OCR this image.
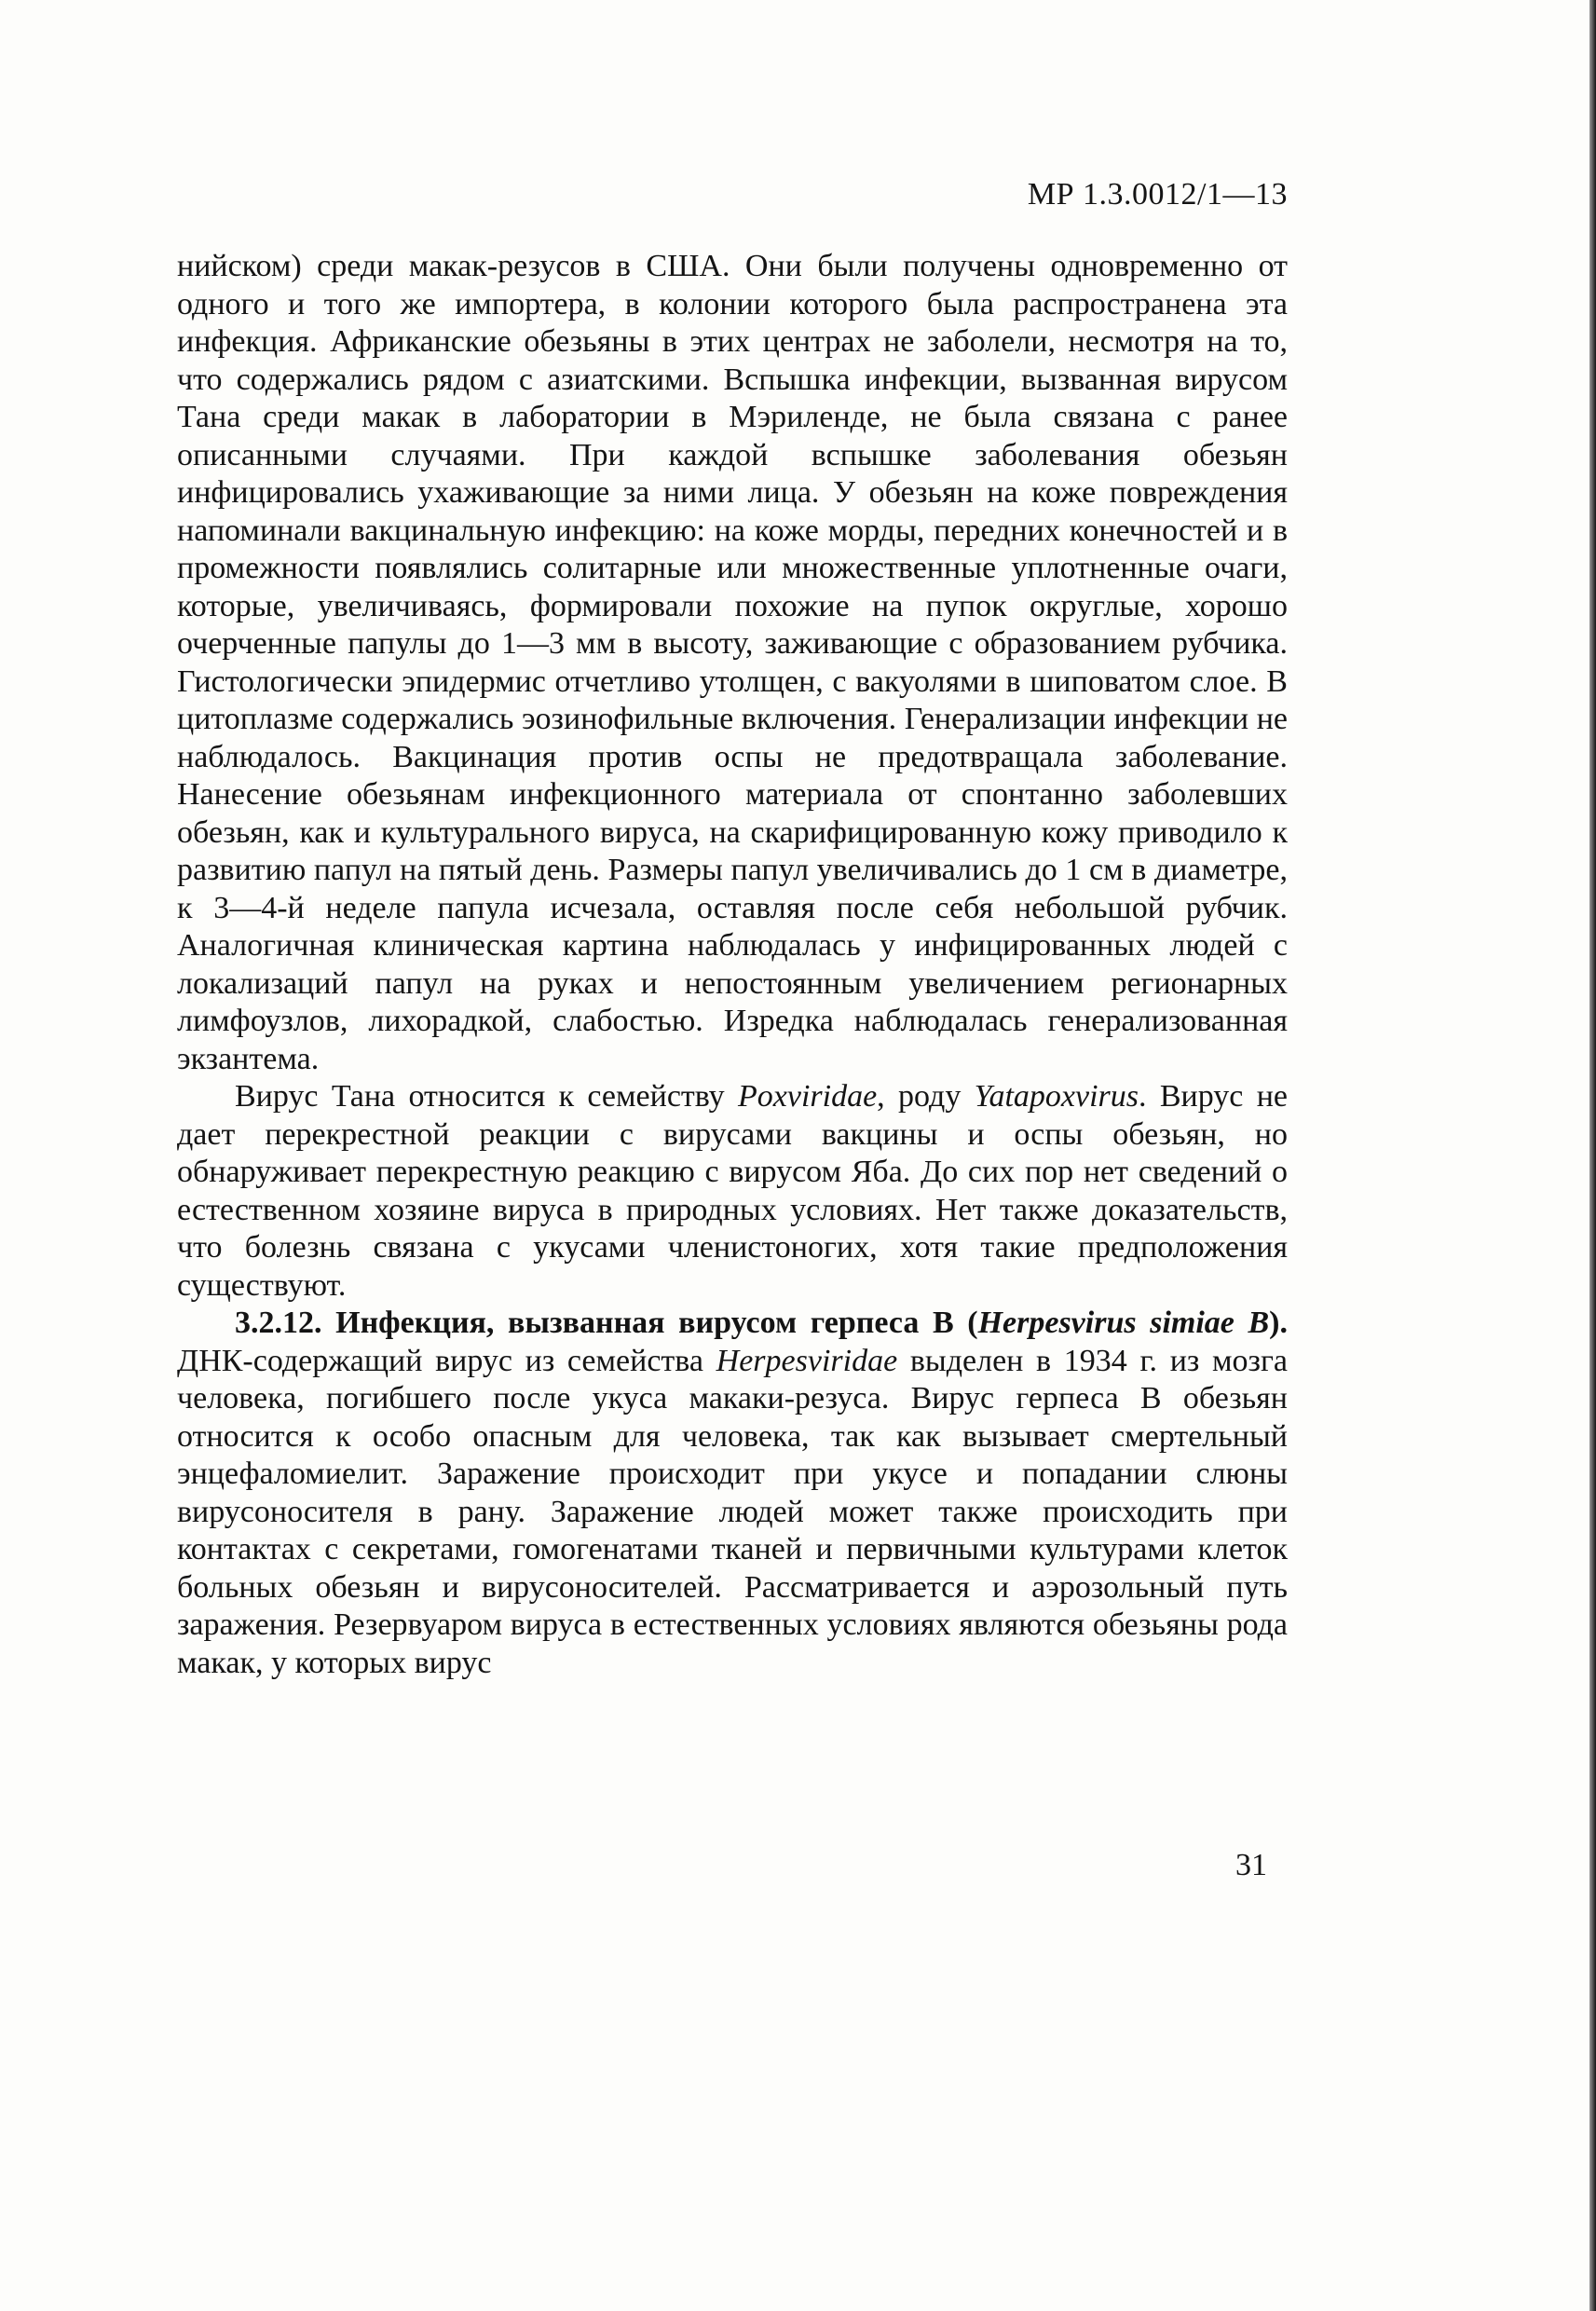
МР 1.3.0012/1—13

нийском) среди макак-резусов в США. Они были получены одновременно от одного и того же импортера, в колонии которого была распространена эта инфекция. Африканские обезьяны в этих центрах не заболели, несмотря на то, что содержались рядом с азиатскими. Вспышка инфекции, вызванная вирусом Тана среди макак в лаборатории в Мэриленде, не была связана с ранее описанными случаями. При каждой вспышке заболевания обезьян инфицировались ухаживающие за ними лица. У обезьян на коже повреждения напоминали вакцинальную инфекцию: на коже морды, передних конечностей и в промежности появлялись солитарные или множественные уплотненные очаги, которые, увеличиваясь, формировали похожие на пупок округлые, хорошо очерченные папулы до 1—3 мм в высоту, заживающие с образованием рубчика. Гистологически эпидермис отчетливо утолщен, с вакуолями в шиповатом слое. В цитоплазме содержались эозинофильные включения. Генерализации инфекции не наблюдалось. Вакцинация против оспы не предотвращала заболевание. Нанесение обезьянам инфекционного материала от спонтанно заболевших обезьян, как и культурального вируса, на скарифицированную кожу приводило к развитию папул на пятый день. Размеры папул увеличивались до 1 см в диаметре, к 3—4-й неделе папула исчезала, оставляя после себя небольшой рубчик. Аналогичная клиническая картина наблюдалась у инфицированных людей с локализаций папул на руках и непостоянным увеличением регионарных лимфоузлов, лихорадкой, слабостью. Изредка наблюдалась генерализованная экзантема.

Вирус Тана относится к семейству Poxviridae, роду Yatapoxvirus. Вирус не дает перекрестной реакции с вирусами вакцины и оспы обезьян, но обнаруживает перекрестную реакцию с вирусом Яба. До сих пор нет сведений о естественном хозяине вируса в природных условиях. Нет также доказательств, что болезнь связана с укусами членистоногих, хотя такие предположения существуют.

3.2.12. Инфекция, вызванная вирусом герпеса В (Herpesvirus simiae В). ДНК-содержащий вирус из семейства Herpesviridae выделен в 1934 г. из мозга человека, погибшего после укуса макаки-резуса. Вирус герпеса В обезьян относится к особо опасным для человека, так как вызывает смертельный энцефаломиелит. Заражение происходит при укусе и попадании слюны вирусоносителя в рану. Заражение людей может также происходить при контактах с секретами, гомогенатами тканей и первичными культурами клеток больных обезьян и вирусоносителей. Рассматривается и аэрозольный путь заражения. Резервуаром вируса в естественных условиях являются обезьяны рода макак, у которых вирус

31
